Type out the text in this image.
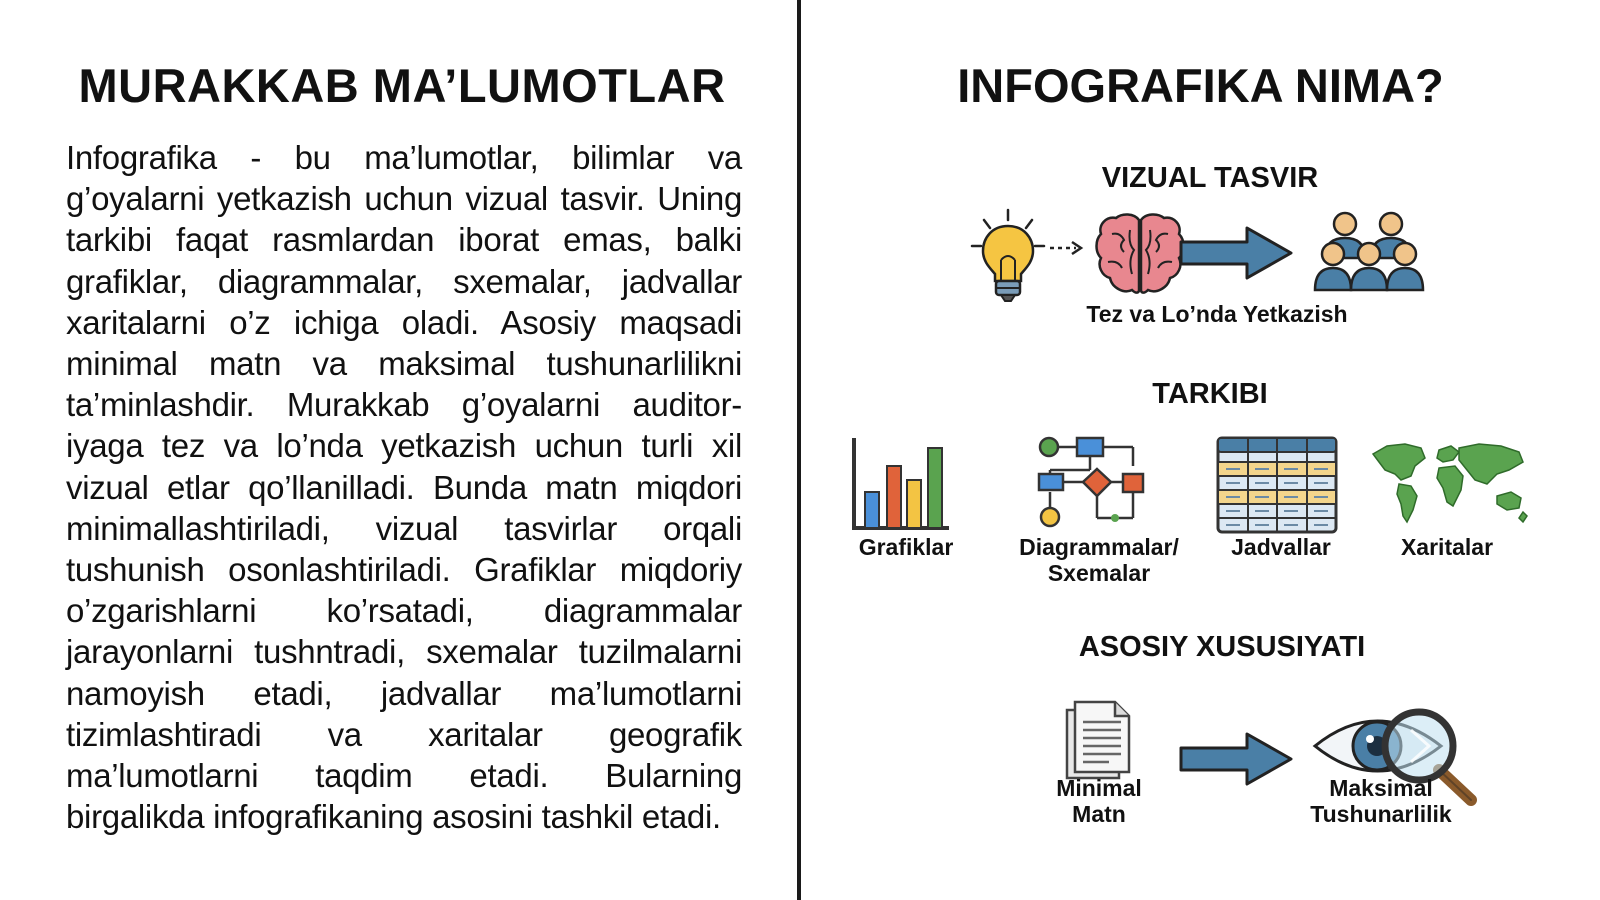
MURAKKAB MA’LUMOTLAR

Infografika - bu ma’lumotlar, bilimlar va g’oyalarni yetkazish uchun vizual tasvir. Uning tarkibi faqat rasmlardan iborat emas, balki grafiklar, diagrammalar, sxemalar, jadvallar xaritalarni o’z ichiga oladi. Asosiy maqsadi minimal matn va maksimal tushunarlilikni ta’minlashdir. Murakkab g’oyalarni auditor-iyaga tez va lo’nda yetkazish uchun turli xil vizual etlar qo’llanilladi. Bunda matn miqdori minimallashtiriladi, vizual tasvirlar orqali tushunish osonlashtiriladi. Grafiklar miqdoriy o’zgarishlarni ko’rsatadi, diagrammalar jarayonlarni tushntradi, sxemalar tuzilmalarni namoyish etadi, jadvallar ma’lumotlarni tizimlashtiradi va xaritalar geografik ma’lumotlarni taqdim etadi. Bularning birgalikda infografikaning asosini tashkil etadi.

INFOGRAFIKA NIMA?
VIZUAL TASVIR
Tez va Lo’nda Yetkazish
TARKIBI
Grafiklar	Diagrammalar/
Sxemalar
Jadvallar	Xaritalar
ASOSIY XUSUSIYATI
Minimal
Matn
Maksimal
Tushunarlilik
